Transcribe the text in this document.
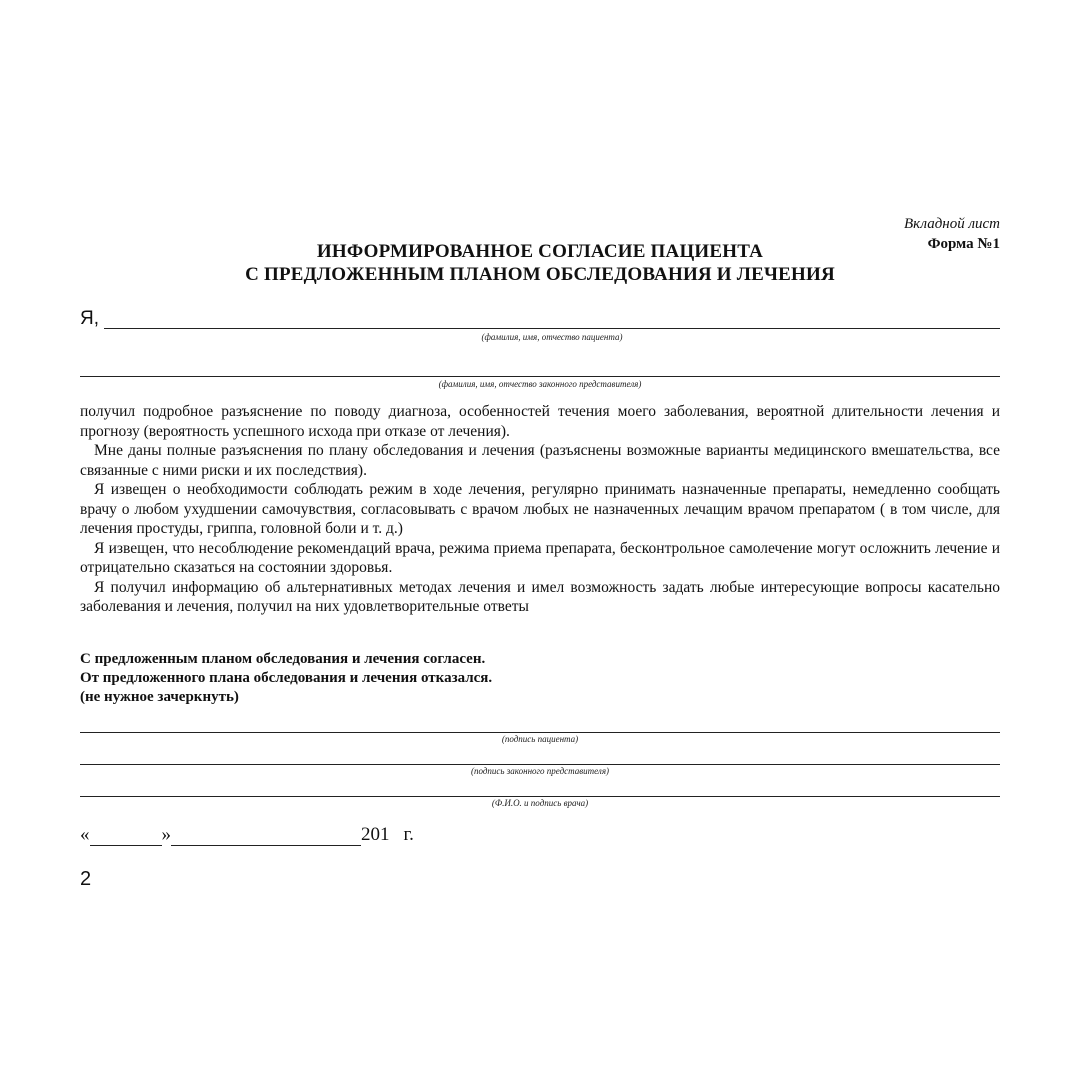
Вкладной лист
Форма №1
ИНФОРМИРОВАННОЕ СОГЛАСИЕ ПАЦИЕНТА
С ПРЕДЛОЖЕННЫМ ПЛАНОМ ОБСЛЕДОВАНИЯ И ЛЕЧЕНИЯ
Я,
(фамилия, имя, отчество пациента)
(фамилия, имя, отчество законного представителя)

получил подробное разъяснение по поводу диагноза, особенностей течения моего заболевания, вероятной длительности лечения и прогнозу (вероятность успешного исхода при отказе от лечения).

Мне даны полные разъяснения по плану обследования и лечения (разъяснены возможные варианты медицинского вмешательства, все связанные с ними риски и их последствия).

Я извещен о необходимости соблюдать режим в ходе лечения, регулярно принимать назначенные препараты, немедленно сообщать врачу о любом ухудшении самочувствия, согласовывать с врачом любых не назначенных лечащим врачом препаратом ( в том числе, для лечения простуды, гриппа, головной боли и т. д.)

Я извещен, что несоблюдение рекомендаций врача, режима приема препарата, бесконтрольное самолечение могут осложнить лечение и отрицательно сказаться на состоянии здоровья.

Я получил информацию об альтернативных методах лечения и имел возможность задать любые интересующие вопросы касательно заболевания и лечения, получил на них удовлетворительные ответы

С предложенным планом обследования и лечения согласен.
От предложенного плана обследования и лечения отказался.
(не нужное зачеркнуть)
(подпись пациента)
(подпись законного представителя)
(Ф.И.О. и подпись врача)
«	»	201 г.
2
